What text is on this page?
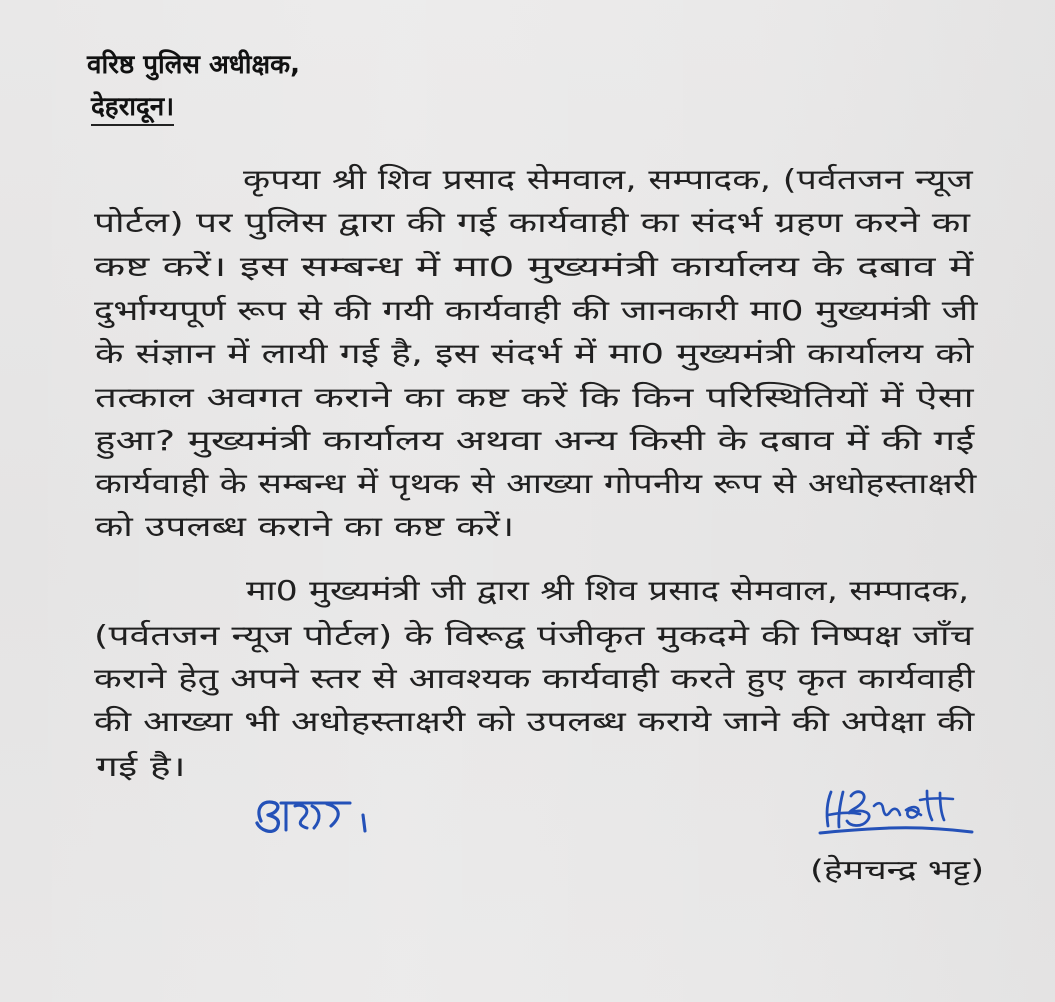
वरिष्ठ पुलिस अधीक्षक,
देहरादून।
कृपया श्री शिव प्रसाद सेमवाल, सम्पादक, (पर्वतजन न्यूज
पोर्टल) पर पुलिस द्वारा की गई कार्यवाही का संदर्भ ग्रहण करने का
कष्ट करें। इस सम्बन्ध में मा0 मुख्यमंत्री कार्यालय के दबाव में
दुर्भाग्यपूर्ण रूप से की गयी कार्यवाही की जानकारी मा0 मुख्यमंत्री जी
के संज्ञान में लायी गई है, इस संदर्भ में मा0 मुख्यमंत्री कार्यालय को
तत्काल अवगत कराने का कष्ट करें कि किन परिस्थितियों में ऐसा
हुआ? मुख्यमंत्री कार्यालय अथवा अन्य किसी के दबाव में की गई
कार्यवाही के सम्बन्ध में पृथक से आख्या गोपनीय रूप से अधोहस्ताक्षरी
को उपलब्ध कराने का कष्ट करें।
मा0 मुख्यमंत्री जी द्वारा श्री शिव प्रसाद सेमवाल, सम्पादक,
(पर्वतजन न्यूज पोर्टल) के विरूद्व पंजीकृत मुकदमे की निष्पक्ष जाँच
कराने हेतु अपने स्तर से आवश्यक कार्यवाही करते हुए कृत कार्यवाही
की आख्या भी अधोहस्ताक्षरी को उपलब्ध कराये जाने की अपेक्षा की
गई है।
(हेमचन्द्र भट्ट)
